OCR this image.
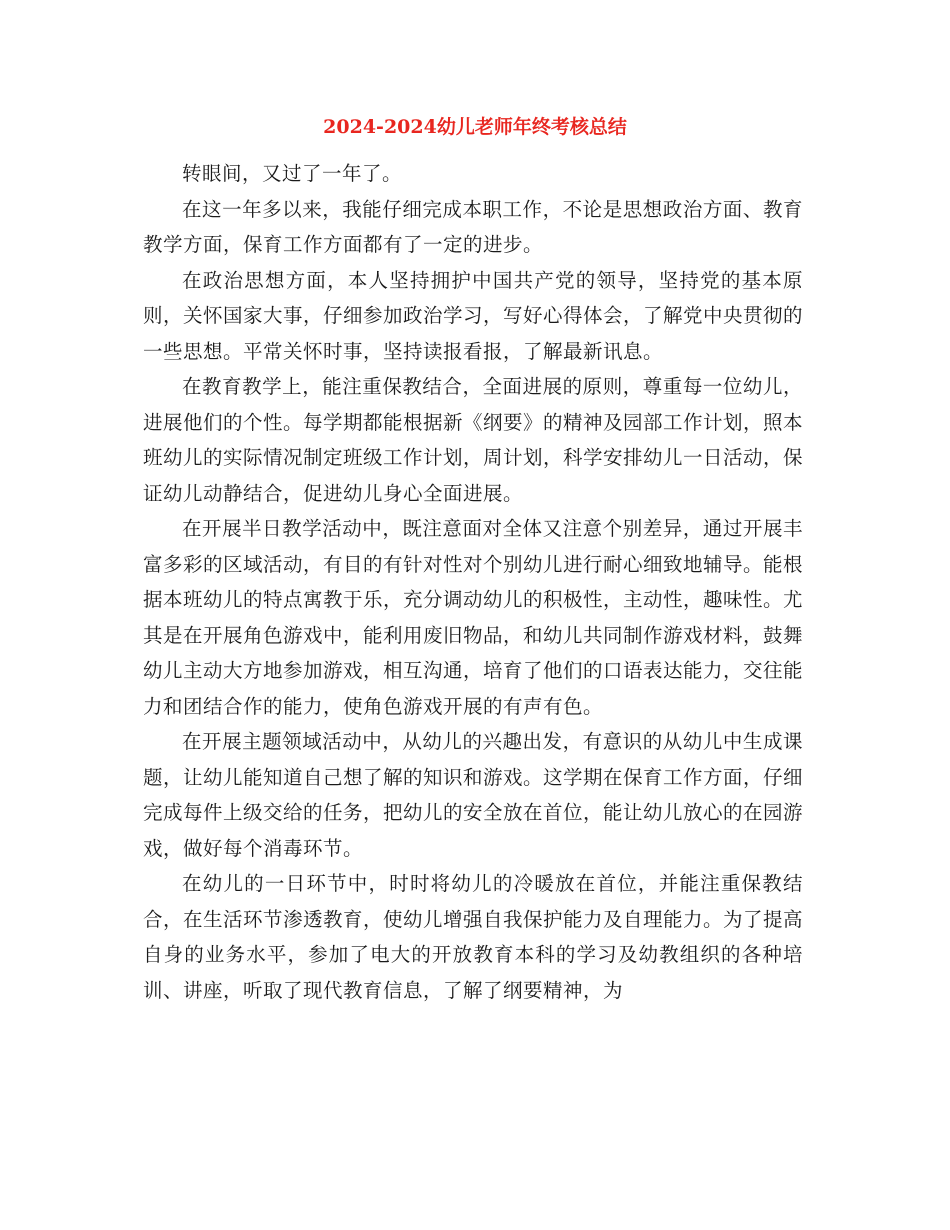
2024-2024幼儿老师年终考核总结

转眼间，又过了一年了。

在这一年多以来，我能仔细完成本职工作，不论是思想政治方面、教育教学方面，保育工作方面都有了一定的进步。

在政治思想方面，本人坚持拥护中国共产党的领导，坚持党的基本原则，关怀国家大事，仔细参加政治学习，写好心得体会，了解党中央贯彻的一些思想。平常关怀时事，坚持读报看报，了解最新讯息。

在教育教学上，能注重保教结合，全面进展的原则，尊重每一位幼儿，进展他们的个性。每学期都能根据新《纲要》的精神及园部工作计划，照本班幼儿的实际情况制定班级工作计划，周计划，科学安排幼儿一日活动，保证幼儿动静结合，促进幼儿身心全面进展。

在开展半日教学活动中，既注意面对全体又注意个别差异，通过开展丰富多彩的区域活动，有目的有针对性对个别幼儿进行耐心细致地辅导。能根据本班幼儿的特点寓教于乐，充分调动幼儿的积极性，主动性，趣味性。尤其是在开展角色游戏中，能利用废旧物品，和幼儿共同制作游戏材料，鼓舞幼儿主动大方地参加游戏，相互沟通，培育了他们的口语表达能力，交往能力和团结合作的能力，使角色游戏开展的有声有色。

在开展主题领域活动中，从幼儿的兴趣出发，有意识的从幼儿中生成课题，让幼儿能知道自己想了解的知识和游戏。这学期在保育工作方面，仔细完成每件上级交给的任务，把幼儿的安全放在首位，能让幼儿放心的在园游戏，做好每个消毒环节。

在幼儿的一日环节中，时时将幼儿的冷暖放在首位，并能注重保教结合，在生活环节渗透教育，使幼儿增强自我保护能力及自理能力。为了提高自身的业务水平，参加了电大的开放教育本科的学习及幼教组织的各种培训、讲座，听取了现代教育信息，了解了纲要精神，为
